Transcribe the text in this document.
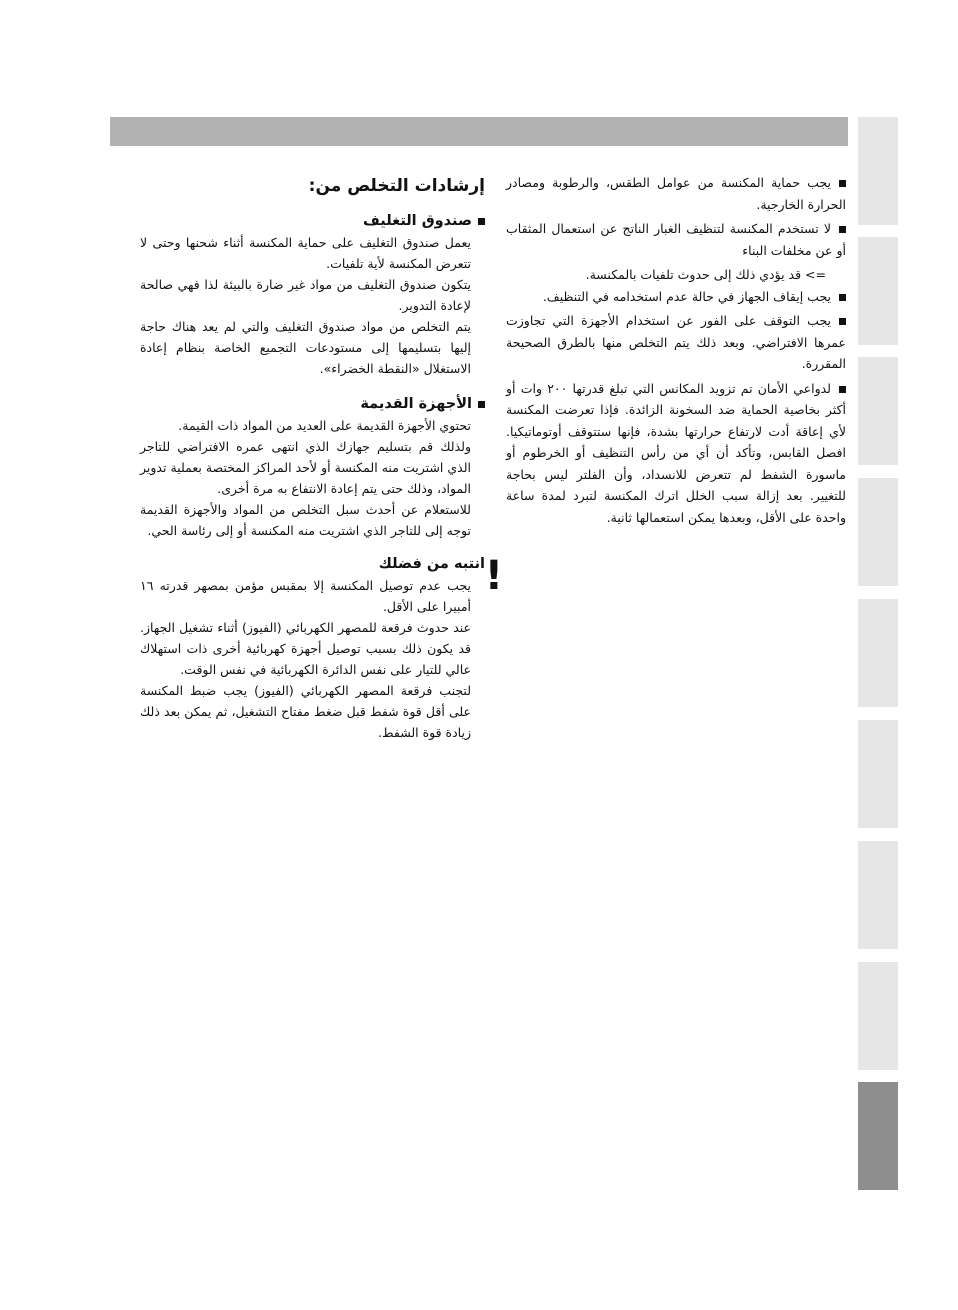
يجب حماية المكنسة من عوامل الطقس، والرطوبة ومصادر الحرارة الخارجية.
لا تستخدم المكنسة لتنظيف الغبار الناتج عن استعمال المثقاب أو عن مخلفات البناء
=> قد يؤدي ذلك إلى حدوث تلفيات بالمكنسة.
يجب إيقاف الجهاز في حالة عدم استخدامه في التنظيف.
يجب التوقف على الفور عن استخدام الأجهزة التي تجاوزت عمرها الافتراضي. وبعد ذلك يتم التخلص منها بالطرق الصحيحة المقررة.
لدواعي الأمان تم تزويد المكانس التي تبلغ قدرتها ٢٠٠ وات أو أكثر بخاصية الحماية ضد السخونة الزائدة. فإذا تعرضت المكنسة لأي إعاقة أدت لارتفاع حرارتها بشدة، فإنها ستتوقف أوتوماتيكيا. افصل القابس، وتأكد أن أي من رأس التنظيف أو الخرطوم أو ماسورة الشفط لم تتعرض للانسداد، وأن الفلتر ليس بحاجة للتغيير. بعد إزالة سبب الخلل اترك المكنسة لتبرد لمدة ساعة واحدة على الأقل، وبعدها يمكن استعمالها ثانية.
إرشادات التخلص من:
صندوق التغليف

يعمل صندوق التغليف على حماية المكنسة أثناء شحنها وحتى لا تتعرض المكنسة لأية تلفيات.

يتكون صندوق التغليف من مواد غير ضارة بالبيئة لذا فهي صالحة لإعادة التدوير.

يتم التخلص من مواد صندوق التغليف والتي لم يعد هناك حاجة إليها بتسليمها إلى مستودعات التجميع الخاصة بنظام إعادة الاستغلال «النقطة الخضراء».

الأجهزة القديمة

تحتوي الأجهزة القديمة على العديد من المواد ذات القيمة.

ولذلك قم بتسليم جهازك الذي انتهى عمره الافتراضي للتاجر الذي اشتريت منه المكنسة أو لأحد المراكز المختصة بعملية تدوير المواد، وذلك حتى يتم إعادة الانتفاع به مرة أخرى.

للاستعلام عن أحدث سبل التخلص من المواد والأجهزة القديمة توجه إلى للتاجر الذي اشتريت منه المكنسة أو إلى رئاسة الحي.

!
انتبه من فضلك

يجب عدم توصيل المكنسة إلا بمقبس مؤمن بمصهر قدرته ١٦ أمبيرا على الأقل.

عند حدوث فرقعة للمصهر الكهربائي (الفيوز) أثناء تشغيل الجهاز. قد يكون ذلك بسبب توصيل أجهزة كهربائية أخرى ذات استهلاك عالي للتيار على نفس الدائرة الكهربائية في نفس الوقت.

لتجنب فرقعة المصهر الكهربائي (الفيوز) يجب ضبط المكنسة على أقل قوة شفط قبل ضغط مفتاح التشغيل، ثم يمكن بعد ذلك زيادة قوة الشفط.
